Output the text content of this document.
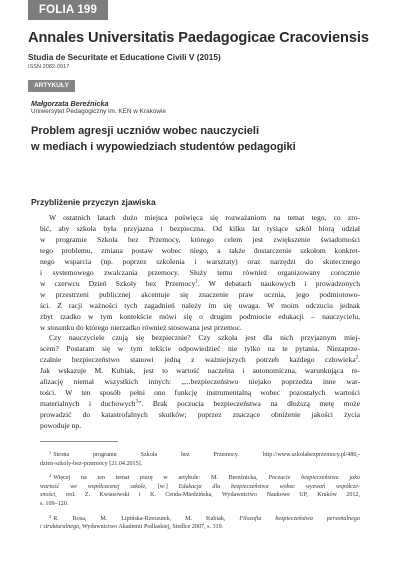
FOLIA 199
Annales Universitatis Paedagogicae Cracoviensis
Studia de Securitate et Educatione Civili V (2015)
ISSN 2082-0917
ARTYKUŁY
Małgorzata Bereźnicka
Uniwersytet Pedagogiczny im. KEN w Krakowie
Problem agresji uczniów wobec nauczycieli
w mediach i wypowiedziach studentów pedagogiki
Przybliżenie przyczyn zjawiska
W ostatnich latach dużo miejsca poświęca się rozważaniom na temat tego, co zro-
bić, aby szkoła była przyjazna i bezpieczna. Od kilku lat tysiące szkół biorą udział
w programie Szkoła bez Przemocy, którego celem jest zwiększenie świadomości
tego problemu, zmiana postaw wobec niego, a także dostarczenie szkołom konkret-
nego wsparcia (np. poprzez szkolenia i warsztaty) oraz narzędzi do skutecznego
i systemowego zwalczania przemocy. Służy temu również organizowany corocznie
w czerwcu Dzień Szkoły bez Przemocy$^1$. W debatach naukowych i prowadzonych
w przestrzeni publicznej akcentuje się znaczenie praw ucznia, jego podmiotowo-
ści. Z racji ważności tych zagadnień należy im się uwaga. W moim odczuciu jednak
zbyt rzadko w tym kontekście mówi się o drugim podmiocie edukacji – nauczycielu,
w stosunku do którego nierzadko również stosowana jest przemoc.
Czy nauczyciele czują się bezpiecznie? Czy szkoła jest dla nich przyjaznym miej-
scem? Postaram się w tym tekście odpowiedzieć nie tylko na te pytania. Niezaprze-
czalnie bezpieczeństwo stanowi jedną z ważniejszych potrzeb każdego człowieka$^2$.
Jak wskazuje M. Kubiak, jest to wartość naczelna i autonomiczna, warunkująca re-
alizację niemal wszystkich innych: „...bezpieczeństwo niejako poprzedza inne war-
tości. W ten sposób pełni ono funkcję instrumentalną wobec pozostałych wartości
materialnych i duchowych$^3$”. Brak poczucia bezpieczeństwa na dłuższą metę może
prowadzić do katastrofalnych skutków; poprzez znaczące obniżenie jakości życia
powoduje np.
$^1$ Strona programu Szkoła bez Przemocy. http://www.szkolabezprzemocy.pl/480,-
dzien-szkoly-bez-przemocy [21.04.2015].
$^2$ Więcej na ten temat piszę w artykule: M. Bereźnicka, Poczucie bezpieczeństwa jako
wartość we współczesnej szkole, [w:] Edukacja dla bezpieczeństwa wobec wyzwań współcze-
sności, red. Z. Kwiasowski i K. Cenda-Miedzińska, Wydawnictwo Naukowe UP, Kraków 2012,
s. 109–120.
$^3$ R. Rosa, M. Lipińska-Rzeszutek, M. Kubiak, Filozofia bezpieczeństwa personalnego
i strukturalnego, Wydawnictwo Akademii Podlaskiej, Siedlce 2007, s. 319.
